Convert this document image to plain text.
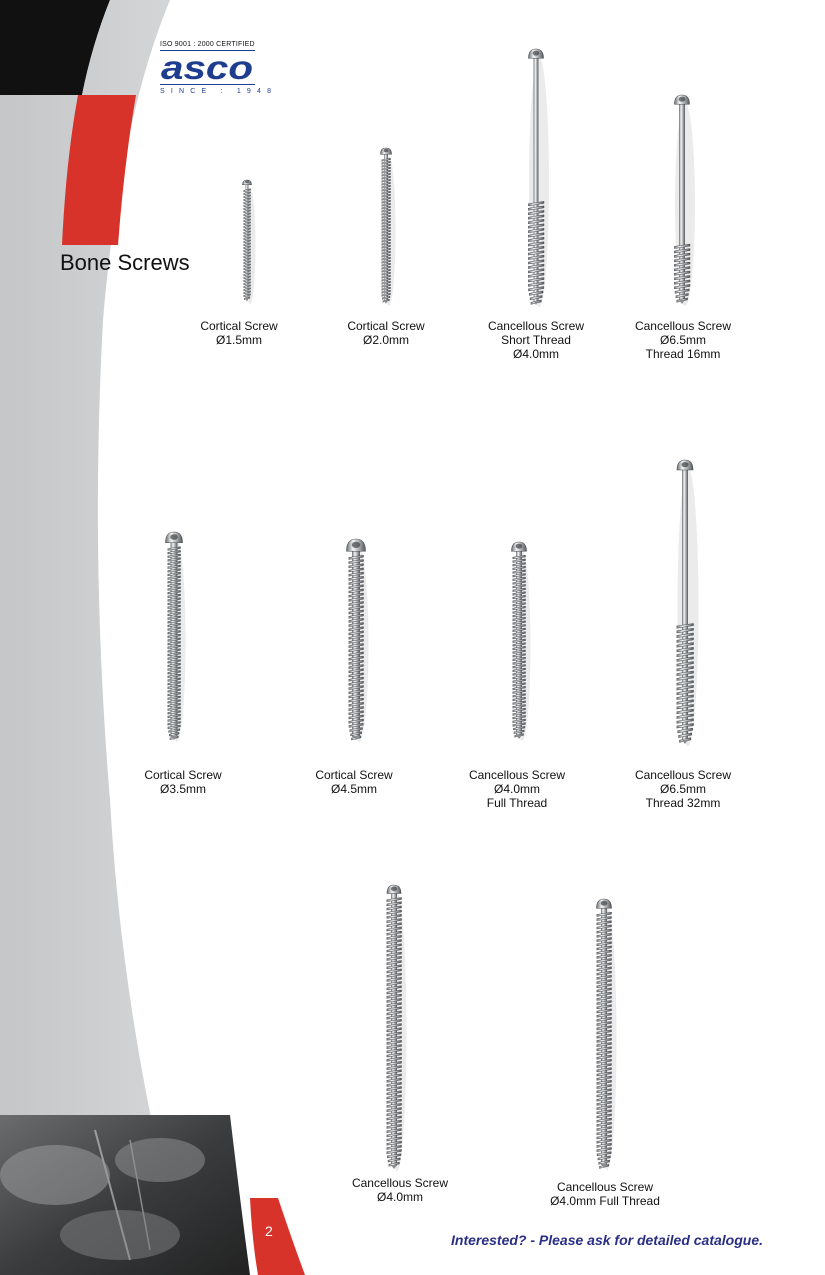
ISO 9001 : 2000 CERTIFIED
asco
SINCE : 1948
Bone Screws
Cortical Screw
Ø1.5mm
Cortical Screw
Ø2.0mm
Cancellous Screw
Short Thread
Ø4.0mm
Cancellous Screw
Ø6.5mm
Thread 16mm
Cortical Screw
Ø3.5mm
Cortical Screw
Ø4.5mm
Cancellous Screw
Ø4.0mm
Full Thread
Cancellous Screw
Ø6.5mm
Thread 32mm
Cancellous Screw
Ø4.0mm
Cancellous Screw
Ø4.0mm Full Thread
2
Interested? - Please ask for detailed catalogue.
